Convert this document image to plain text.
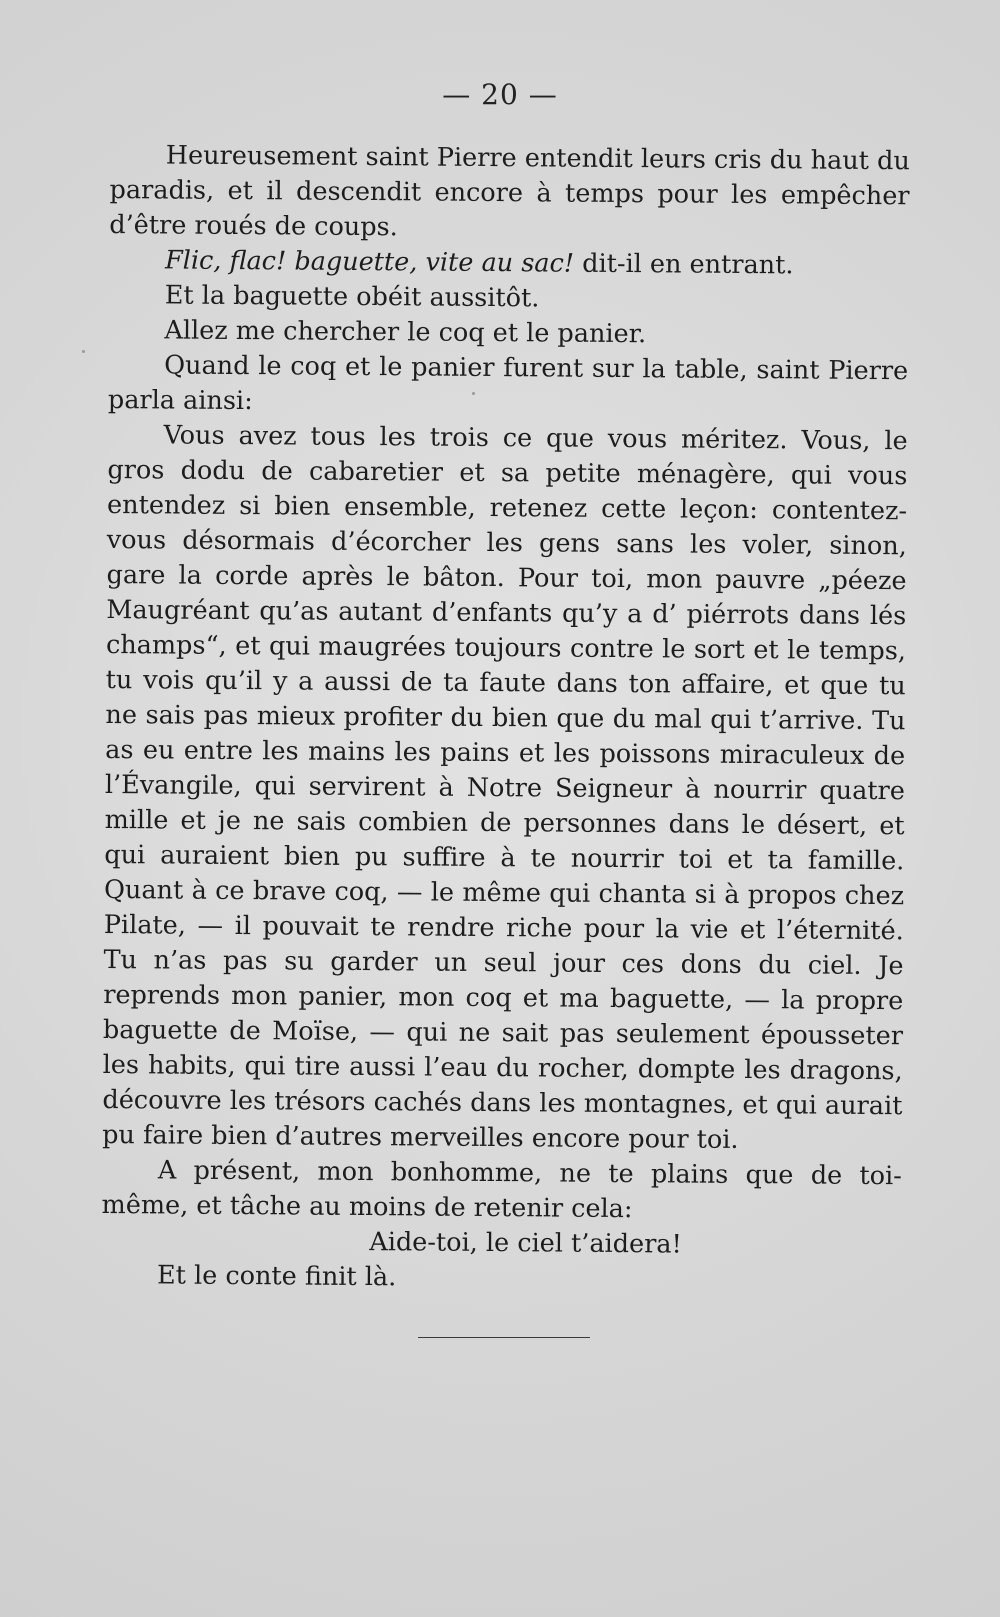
— 20 —

Heureusement saint Pierre entendit leurs cris du haut du paradis, et il descendit encore à temps pour les empêcher d’être roués de coups.

Flic, flac! baguette, vite au sac! dit-il en entrant.

Et la baguette obéit aussitôt.

Allez me chercher le coq et le panier.

Quand le coq et le panier furent sur la table, saint Pierre parla ainsi:

Vous avez tous les trois ce que vous méritez. Vous, le gros dodu de cabaretier et sa petite ménagère, qui vous entendez si bien ensemble, retenez cette leçon: contentez-vous désormais d’écorcher les gens sans les voler, sinon, gare la corde après le bâton. Pour toi, mon pauvre „péeze Maugréant qu’as autant d’enfants qu’y a d’ piérrots dans lés champs“, et qui maugrées toujours contre le sort et le temps, tu vois qu’il y a aussi de ta faute dans ton affaire, et que tu ne sais pas mieux profiter du bien que du mal qui t’arrive. Tu as eu entre les mains les pains et les poissons miraculeux de l’Évangile, qui servirent à Notre Seigneur à nourrir quatre mille et je ne sais combien de personnes dans le désert, et qui auraient bien pu suffire à te nourrir toi et ta famille. Quant à ce brave coq, — le même qui chanta si à propos chez Pilate, — il pouvait te rendre riche pour la vie et l’éternité. Tu n’as pas su garder un seul jour ces dons du ciel. Je reprends mon panier, mon coq et ma baguette, — la propre baguette de Moïse, — qui ne sait pas seulement épousseter les habits, qui tire aussi l’eau du rocher, dompte les dragons, découvre les trésors cachés dans les montagnes, et qui aurait pu faire bien d’autres merveilles encore pour toi.

A présent, mon bonhomme, ne te plains que de toi-même, et tâche au moins de retenir cela:

Aide-toi, le ciel t’aidera!

Et le conte finit là.
